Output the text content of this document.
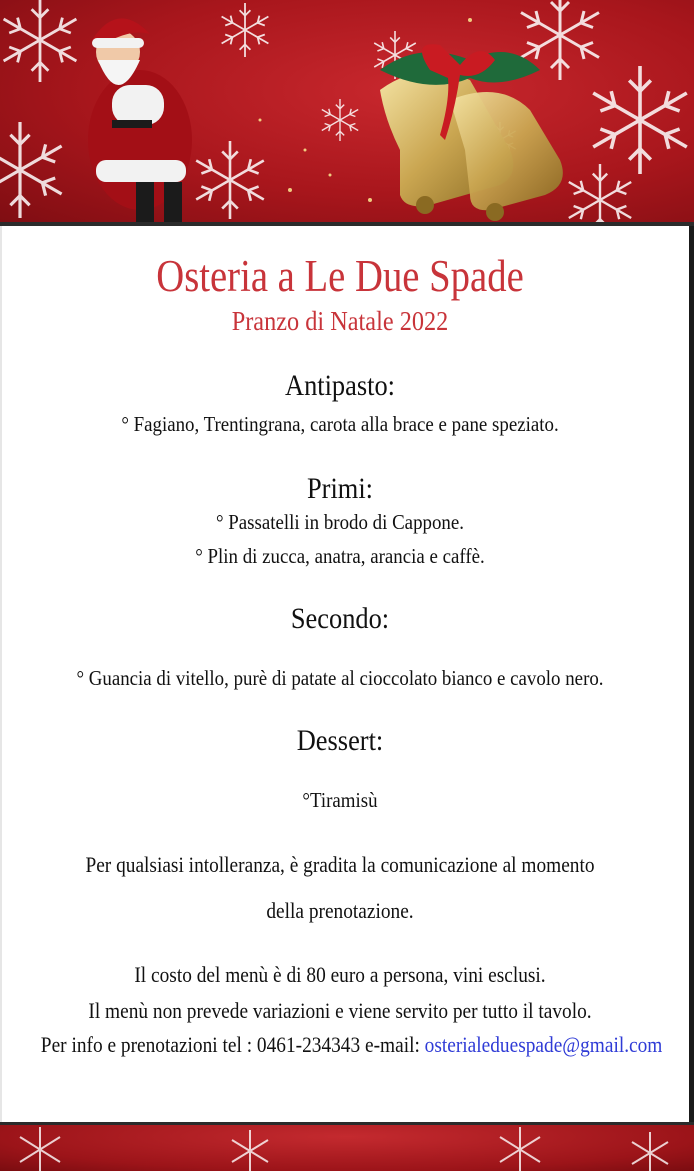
Osteria a Le Due Spade
Pranzo di Natale 2022
Antipasto:
° Fagiano, Trentingrana, carota alla brace e pane speziato.
Primi:
° Passatelli in brodo di Cappone.
° Plin di zucca, anatra, arancia e caffè.
Secondo:
° Guancia di vitello, purè di patate al cioccolato bianco e cavolo nero.
Dessert:
°Tiramisù
Per qualsiasi intolleranza, è gradita la comunicazione al momento
della prenotazione.
Il costo del menù è di 80 euro a persona, vini esclusi.
Il menù non prevede variazioni e viene servito per tutto il tavolo.
Per info e prenotazioni tel : 0461-234343 e-mail: osterialeduespade@gmail.com
